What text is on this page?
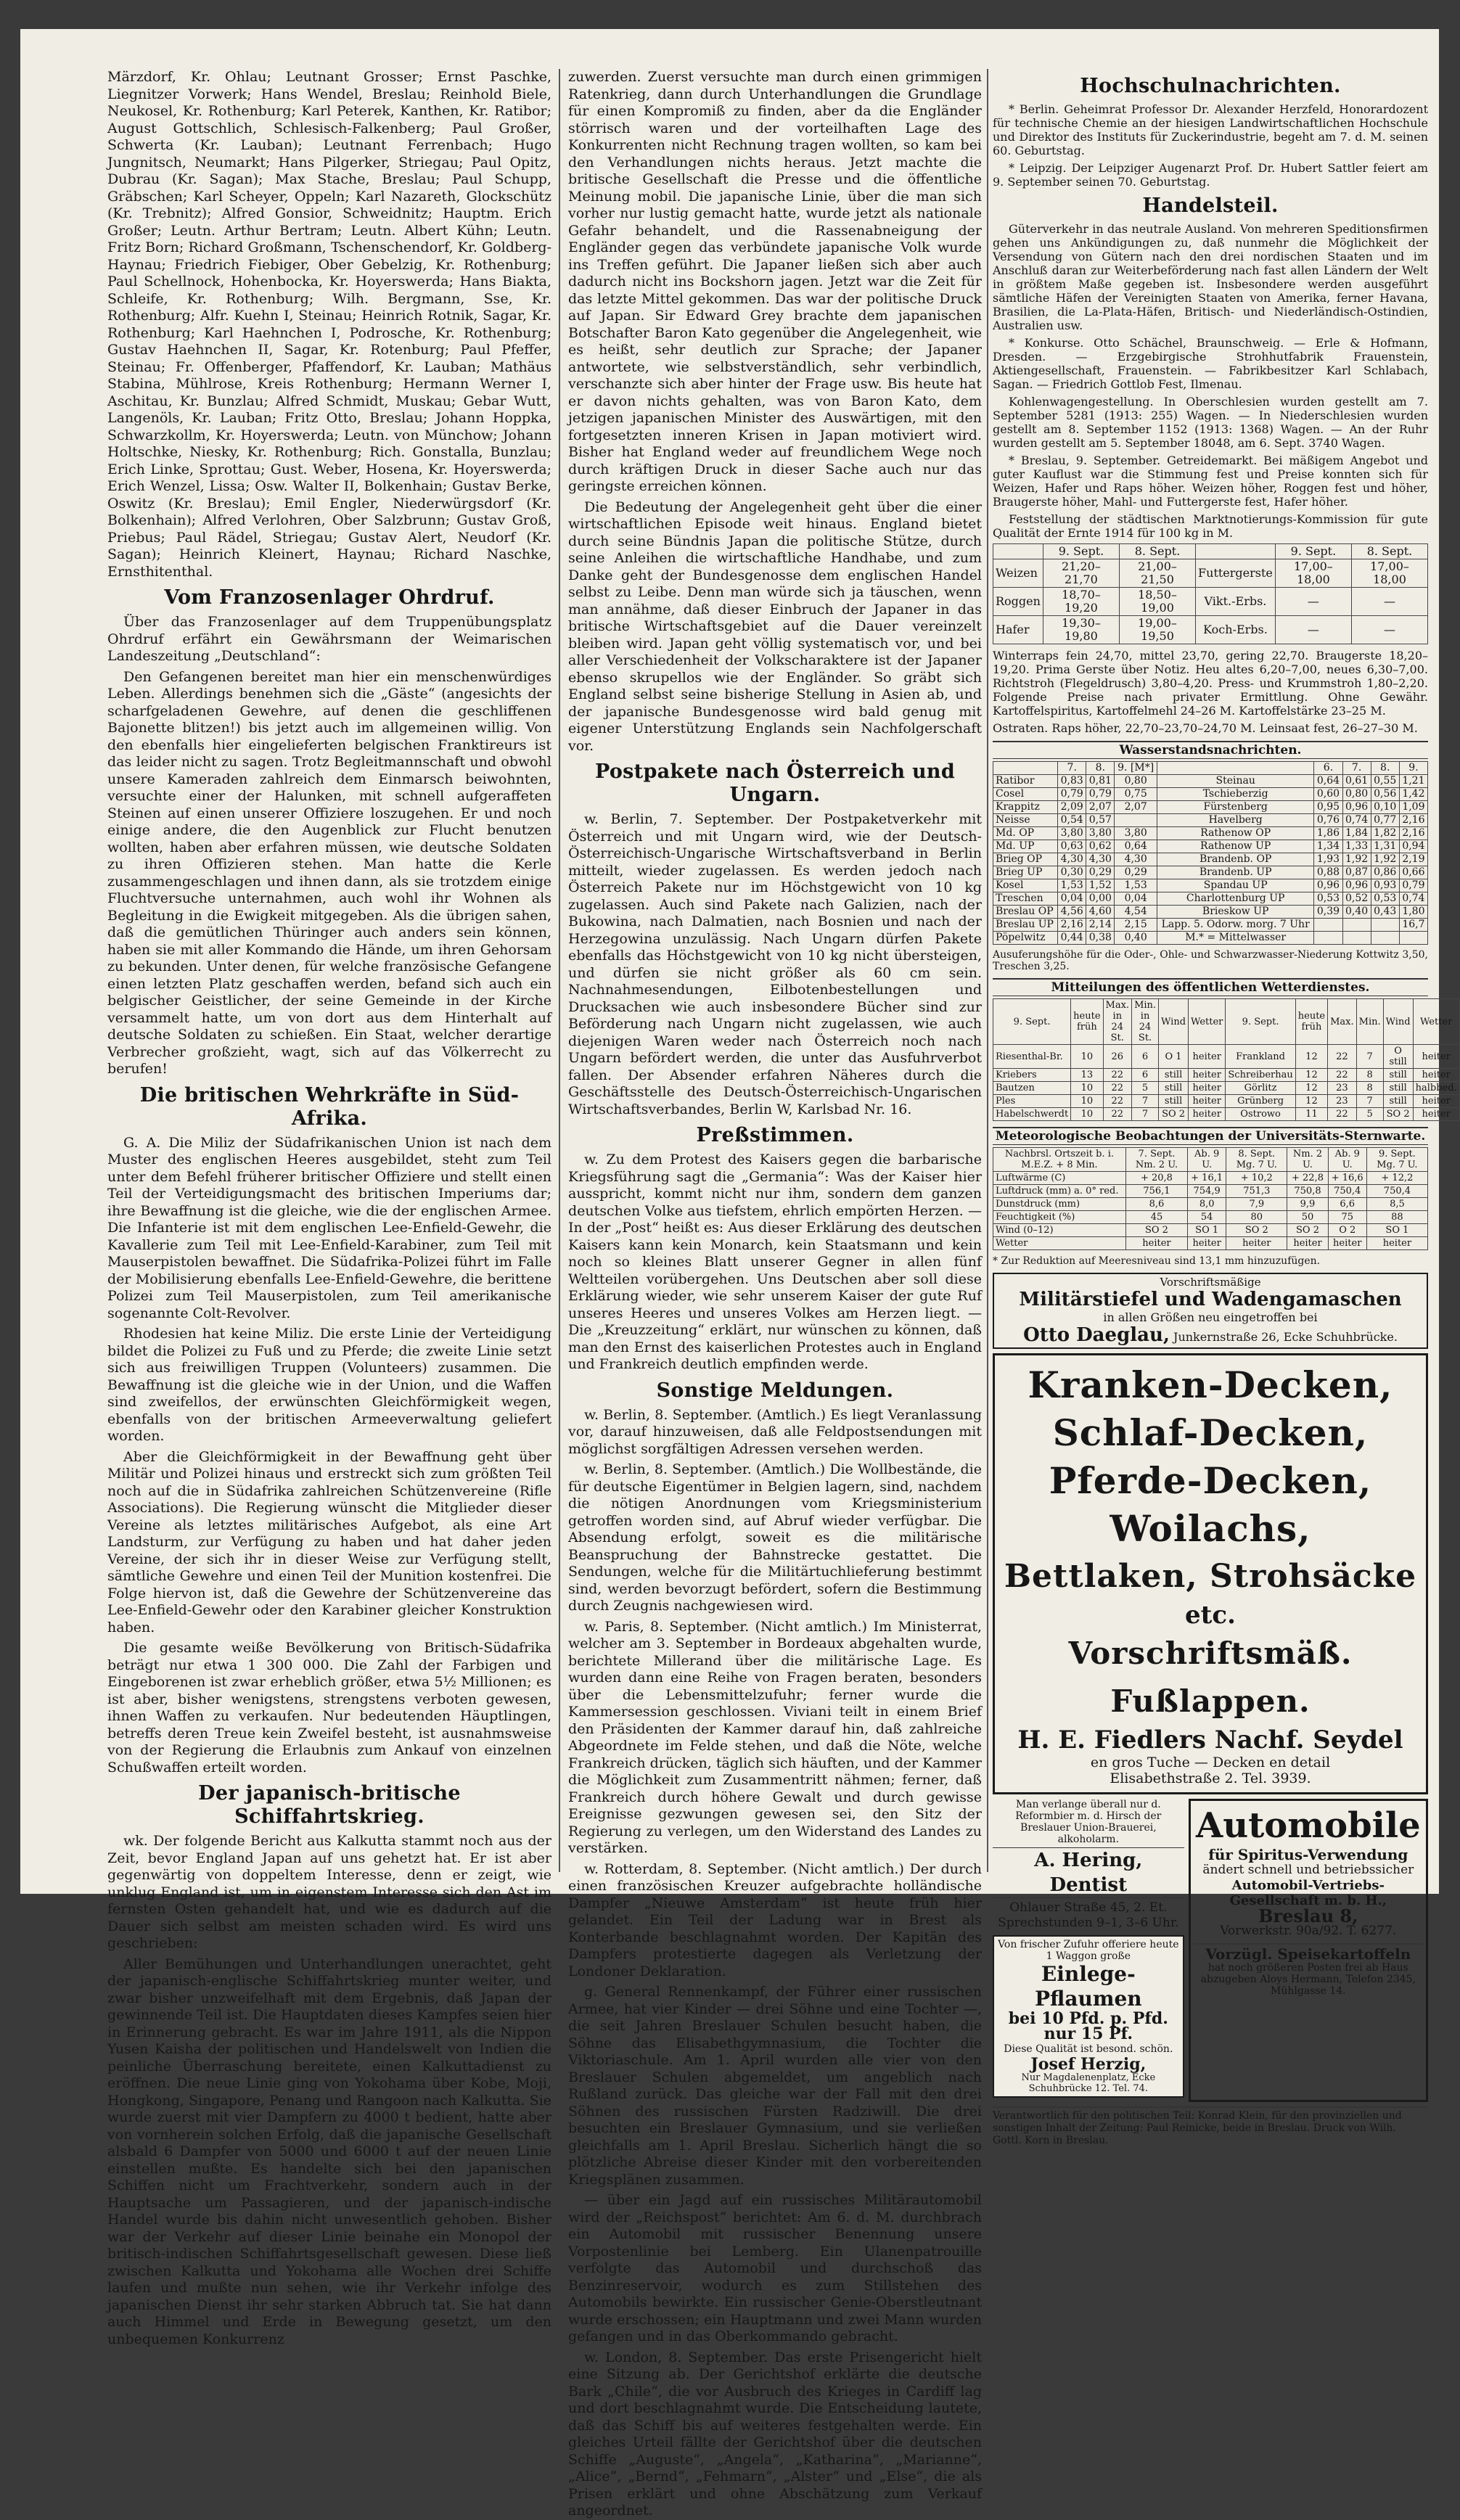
Märzdorf, Kr. Ohlau; Leutnant Grosser; Ernst Paschke, Liegnitzer Vorwerk; Hans Wendel, Breslau; Reinhold Biele, Neukosel, Kr. Rothenburg; Karl Peterek, Kanthen, Kr. Ratibor; August Gottschlich, Schlesisch-Falkenberg; Paul Großer, Schwerta (Kr. Lauban); Leutnant Ferrenbach; Hugo Jungnitsch, Neumarkt; Hans Pilgerker, Striegau; Paul Opitz, Dubrau (Kr. Sagan); Max Stache, Breslau; Paul Schupp, Gräbschen; Karl Scheyer, Oppeln; Karl Nazareth, Glockschütz (Kr. Trebnitz); Alfred Gonsior, Schweidnitz; Hauptm. Erich Großer; Leutn. Arthur Bertram; Leutn. Albert Kühn; Leutn. Fritz Born; Richard Großmann, Tschenschendorf, Kr. Goldberg-Haynau; Friedrich Fiebiger, Ober Gebelzig, Kr. Rothenburg; Paul Schellnock, Hohenbocka, Kr. Hoyerswerda; Hans Biakta, Schleife, Kr. Rothenburg; Wilh. Bergmann, Sse, Kr. Rothenburg; Alfr. Kuehn I, Steinau; Heinrich Rotnik, Sagar, Kr. Rothenburg; Karl Haehnchen I, Podrosche, Kr. Rothenburg; Gustav Haehnchen II, Sagar, Kr. Rotenburg; Paul Pfeffer, Steinau; Fr. Offenberger, Pfaffendorf, Kr. Lauban; Mathäus Stabina, Mühlrose, Kreis Rothenburg; Hermann Werner I, Aschitau, Kr. Bunzlau; Alfred Schmidt, Muskau; Gebar Wutt, Langenöls, Kr. Lauban; Fritz Otto, Breslau; Johann Hoppka, Schwarzkollm, Kr. Hoyerswerda; Leutn. von Münchow; Johann Holtschke, Niesky, Kr. Rothenburg; Rich. Gonstalla, Bunzlau; Erich Linke, Sprottau; Gust. Weber, Hosena, Kr. Hoyerswerda; Erich Wenzel, Lissa; Osw. Walter II, Bolkenhain; Gustav Berke, Oswitz (Kr. Breslau); Emil Engler, Niederwürgsdorf (Kr. Bolkenhain); Alfred Verlohren, Ober Salzbrunn; Gustav Groß, Priebus; Paul Rädel, Striegau; Gustav Alert, Neudorf (Kr. Sagan); Heinrich Kleinert, Haynau; Richard Naschke, Ernsthitenthal.

Vom Franzosenlager Ohrdruf.

Über das Franzosenlager auf dem Truppenübungsplatz Ohrdruf erfährt ein Gewährsmann der Weimarischen Landeszeitung „Deutschland“:

Den Gefangenen bereitet man hier ein menschenwürdiges Leben. Allerdings benehmen sich die „Gäste“ (angesichts der scharfgeladenen Gewehre, auf denen die geschliffenen Bajonette blitzen!) bis jetzt auch im allgemeinen willig. Von den ebenfalls hier eingelieferten belgischen Franktireurs ist das leider nicht zu sagen. Trotz Begleitmannschaft und obwohl unsere Kameraden zahlreich dem Einmarsch beiwohnten, versuchte einer der Halunken, mit schnell aufgeraffeten Steinen auf einen unserer Offiziere loszugehen. Er und noch einige andere, die den Augenblick zur Flucht benutzen wollten, haben aber erfahren müssen, wie deutsche Soldaten zu ihren Offizieren stehen. Man hatte die Kerle zusammengeschlagen und ihnen dann, als sie trotzdem einige Fluchtversuche unternahmen, auch wohl ihr Wohnen als Begleitung in die Ewigkeit mitgegeben. Als die übrigen sahen, daß die gemütlichen Thüringer auch anders sein können, haben sie mit aller Kommando die Hände, um ihren Gehorsam zu bekunden. Unter denen, für welche französische Gefangene einen letzten Platz geschaffen werden, befand sich auch ein belgischer Geistlicher, der seine Gemeinde in der Kirche versammelt hatte, um von dort aus dem Hinterhalt auf deutsche Soldaten zu schießen. Ein Staat, welcher derartige Verbrecher großzieht, wagt, sich auf das Völkerrecht zu berufen!

Die britischen Wehrkräfte in Süd-Afrika.

G. A. Die Miliz der Südafrikanischen Union ist nach dem Muster des englischen Heeres ausgebildet, steht zum Teil unter dem Befehl früherer britischer Offiziere und stellt einen Teil der Verteidigungsmacht des britischen Imperiums dar; ihre Bewaffnung ist die gleiche, wie die der englischen Armee. Die Infanterie ist mit dem englischen Lee-Enfield-Gewehr, die Kavallerie zum Teil mit Lee-Enfield-Karabiner, zum Teil mit Mauserpistolen bewaffnet. Die Südafrika-Polizei führt im Falle der Mobilisierung ebenfalls Lee-Enfield-Gewehre, die berittene Polizei zum Teil Mauserpistolen, zum Teil amerikanische sogenannte Colt-Revolver.

Rhodesien hat keine Miliz. Die erste Linie der Verteidigung bildet die Polizei zu Fuß und zu Pferde; die zweite Linie setzt sich aus freiwilligen Truppen (Volunteers) zusammen. Die Bewaffnung ist die gleiche wie in der Union, und die Waffen sind zweifellos, der erwünschten Gleichförmigkeit wegen, ebenfalls von der britischen Armeeverwaltung geliefert worden.

Aber die Gleichförmigkeit in der Bewaffnung geht über Militär und Polizei hinaus und erstreckt sich zum größten Teil noch auf die in Südafrika zahlreichen Schützenvereine (Rifle Associations). Die Regierung wünscht die Mitglieder dieser Vereine als letztes militärisches Aufgebot, als eine Art Landsturm, zur Verfügung zu haben und hat daher jeden Vereine, der sich ihr in dieser Weise zur Verfügung stellt, sämtliche Gewehre und einen Teil der Munition kostenfrei. Die Folge hiervon ist, daß die Gewehre der Schützenvereine das Lee-Enfield-Gewehr oder den Karabiner gleicher Konstruktion haben.

Die gesamte weiße Bevölkerung von Britisch-Südafrika beträgt nur etwa 1 300 000. Die Zahl der Farbigen und Eingeborenen ist zwar erheblich größer, etwa 5½ Millionen; es ist aber, bisher wenigstens, strengstens verboten gewesen, ihnen Waffen zu verkaufen. Nur bedeutenden Häuptlingen, betreffs deren Treue kein Zweifel besteht, ist ausnahmsweise von der Regierung die Erlaubnis zum Ankauf von einzelnen Schußwaffen erteilt worden.

Der japanisch-britische Schiffahrtskrieg.

wk. Der folgende Bericht aus Kalkutta stammt noch aus der Zeit, bevor England Japan auf uns gehetzt hat. Er ist aber gegenwärtig von doppeltem Interesse, denn er zeigt, wie unklug England ist, um in eigenstem Interesse sich den Ast im fernsten Osten gehandelt hat, und wie es dadurch auf die Dauer sich selbst am meisten schaden wird. Es wird uns geschrieben:

Aller Bemühungen und Unterhandlungen unerachtet, geht der japanisch-englische Schiffahrtskrieg munter weiter, und zwar bisher unzweifelhaft mit dem Ergebnis, daß Japan der gewinnende Teil ist. Die Hauptdaten dieses Kampfes seien hier in Erinnerung gebracht. Es war im Jahre 1911, als die Nippon Yusen Kaisha der politischen und Handelswelt von Indien die peinliche Überraschung bereitete, einen Kalkuttadienst zu eröffnen. Die neue Linie ging von Yokohama über Kobe, Moji, Hongkong, Singapore, Penang und Rangoon nach Kalkutta. Sie wurde zuerst mit vier Dampfern zu 4000 t bedient, hatte aber von vornherein solchen Erfolg, daß die japanische Gesellschaft alsbald 6 Dampfer von 5000 und 6000 t auf der neuen Linie einstellen mußte. Es handelte sich bei den japanischen Schiffen nicht um Frachtverkehr, sondern auch in der Hauptsache um Passagieren, und der japanisch-indische Handel wurde bis dahin nicht unwesentlich gehoben. Bisher war der Verkehr auf dieser Linie beinahe ein Monopol der britisch-indischen Schiffahrtsgesellschaft gewesen. Diese ließ zwischen Kalkutta und Yokohama alle Wochen drei Schiffe laufen und mußte nun sehen, wie ihr Verkehr infolge des japanischen Dienst ihr sehr starken Abbruch tat. Sie hat dann auch Himmel und Erde in Bewegung gesetzt, um den unbequemen Konkurrenz

zuwerden. Zuerst versuchte man durch einen grimmigen Ratenkrieg, dann durch Unterhandlungen die Grundlage für einen Kompromiß zu finden, aber da die Engländer störrisch waren und der vorteilhaften Lage des Konkurrenten nicht Rechnung tragen wollten, so kam bei den Verhandlungen nichts heraus. Jetzt machte die britische Gesellschaft die Presse und die öffentliche Meinung mobil. Die japanische Linie, über die man sich vorher nur lustig gemacht hatte, wurde jetzt als nationale Gefahr behandelt, und die Rassenabneigung der Engländer gegen das verbündete japanische Volk wurde ins Treffen geführt. Die Japaner ließen sich aber auch dadurch nicht ins Bockshorn jagen. Jetzt war die Zeit für das letzte Mittel gekommen. Das war der politische Druck auf Japan. Sir Edward Grey brachte dem japanischen Botschafter Baron Kato gegenüber die Angelegenheit, wie es heißt, sehr deutlich zur Sprache; der Japaner antwortete, wie selbstverständlich, sehr verbindlich, verschanzte sich aber hinter der Frage usw. Bis heute hat er davon nichts gehalten, was von Baron Kato, dem jetzigen japanischen Minister des Auswärtigen, mit den fortgesetzten inneren Krisen in Japan motiviert wird. Bisher hat England weder auf freundlichem Wege noch durch kräftigen Druck in dieser Sache auch nur das geringste erreichen können.

Die Bedeutung der Angelegenheit geht über die einer wirtschaftlichen Episode weit hinaus. England bietet durch seine Bündnis Japan die politische Stütze, durch seine Anleihen die wirtschaftliche Handhabe, und zum Danke geht der Bundesgenosse dem englischen Handel selbst zu Leibe. Denn man würde sich ja täuschen, wenn man annähme, daß dieser Einbruch der Japaner in das britische Wirtschaftsgebiet auf die Dauer vereinzelt bleiben wird. Japan geht völlig systematisch vor, und bei aller Verschiedenheit der Volkscharaktere ist der Japaner ebenso skrupellos wie der Engländer. So gräbt sich England selbst seine bisherige Stellung in Asien ab, und der japanische Bundesgenosse wird bald genug mit eigener Unterstützung Englands sein Nachfolgerschaft vor.

Postpakete nach Österreich und Ungarn.

w. Berlin, 7. September. Der Postpaketverkehr mit Österreich und mit Ungarn wird, wie der Deutsch-Österreichisch-Ungarische Wirtschaftsverband in Berlin mitteilt, wieder zugelassen. Es werden jedoch nach Österreich Pakete nur im Höchstgewicht von 10 kg zugelassen. Auch sind Pakete nach Galizien, nach der Bukowina, nach Dalmatien, nach Bosnien und nach der Herzegowina unzulässig. Nach Ungarn dürfen Pakete ebenfalls das Höchstgewicht von 10 kg nicht übersteigen, und dürfen sie nicht größer als 60 cm sein. Nachnahmesendungen, Eilbotenbestellungen und Drucksachen wie auch insbesondere Bücher sind zur Beförderung nach Ungarn nicht zugelassen, wie auch diejenigen Waren weder nach Österreich noch nach Ungarn befördert werden, die unter das Ausfuhrverbot fallen. Der Absender erfahren Näheres durch die Geschäftsstelle des Deutsch-Österreichisch-Ungarischen Wirtschaftsverbandes, Berlin W, Karlsbad Nr. 16.

Preßstimmen.

w. Zu dem Protest des Kaisers gegen die barbarische Kriegsführung sagt die „Germania“: Was der Kaiser hier ausspricht, kommt nicht nur ihm, sondern dem ganzen deutschen Volke aus tiefstem, ehrlich empörten Herzen. — In der „Post“ heißt es: Aus dieser Erklärung des deutschen Kaisers kann kein Monarch, kein Staatsmann und kein noch so kleines Blatt unserer Gegner in allen fünf Weltteilen vorübergehen. Uns Deutschen aber soll diese Erklärung wieder, wie sehr unserem Kaiser der gute Ruf unseres Heeres und unseres Volkes am Herzen liegt. — Die „Kreuzzeitung“ erklärt, nur wünschen zu können, daß man den Ernst des kaiserlichen Protestes auch in England und Frankreich deutlich empfinden werde.

Sonstige Meldungen.

w. Berlin, 8. September. (Amtlich.) Es liegt Veranlassung vor, darauf hinzuweisen, daß alle Feldpostsendungen mit möglichst sorgfältigen Adressen versehen werden.

w. Berlin, 8. September. (Amtlich.) Die Wollbestände, die für deutsche Eigentümer in Belgien lagern, sind, nachdem die nötigen Anordnungen vom Kriegsministerium getroffen worden sind, auf Abruf wieder verfügbar. Die Absendung erfolgt, soweit es die militärische Beanspruchung der Bahnstrecke gestattet. Die Sendungen, welche für die Militärtuchlieferung bestimmt sind, werden bevorzugt befördert, sofern die Bestimmung durch Zeugnis nachgewiesen wird.

w. Paris, 8. September. (Nicht amtlich.) Im Ministerrat, welcher am 3. September in Bordeaux abgehalten wurde, berichtete Millerand über die militärische Lage. Es wurden dann eine Reihe von Fragen beraten, besonders über die Lebensmittelzufuhr; ferner wurde die Kammersession geschlossen. Viviani teilt in einem Brief den Präsidenten der Kammer darauf hin, daß zahlreiche Abgeordnete im Felde stehen, und daß die Nöte, welche Frankreich drücken, täglich sich häuften, und der Kammer die Möglichkeit zum Zusammentritt nähmen; ferner, daß Frankreich durch höhere Gewalt und durch gewisse Ereignisse gezwungen gewesen sei, den Sitz der Regierung zu verlegen, um den Widerstand des Landes zu verstärken.

w. Rotterdam, 8. September. (Nicht amtlich.) Der durch einen französischen Kreuzer aufgebrachte holländische Dampfer „Nieuwe Amsterdam“ ist heute früh hier gelandet. Ein Teil der Ladung war in Brest als Konterbande beschlagnahmt worden. Der Kapitän des Dampfers protestierte dagegen als Verletzung der Londoner Deklaration.

g. General Rennenkampf, der Führer einer russischen Armee, hat vier Kinder — drei Söhne und eine Tochter —, die seit Jahren Breslauer Schulen besucht haben, die Söhne das Elisabethgymnasium, die Tochter die Viktoriaschule. Am 1. April wurden alle vier von den Breslauer Schulen abgemeldet, um angeblich nach Rußland zurück. Das gleiche war der Fall mit den drei Söhnen des russischen Fürsten Radziwill. Die drei besuchten ein Breslauer Gymnasium, und sie verließen gleichfalls am 1. April Breslau. Sicherlich hängt die so plötzliche Abreise dieser Kinder mit den vorbereitenden Kriegsplänen zusammen.

— über ein Jagd auf ein russisches Militärautomobil wird der „Reichspost“ berichtet: Am 6. d. M. durchbrach ein Automobil mit russischer Benennung unsere Vorpostenlinie bei Lemberg. Ein Ulanenpatrouille verfolgte das Automobil und durchschoß das Benzinreservoir, wodurch es zum Stillstehen des Automobils bewirkte. Ein russischer Genie-Oberstleutnant wurde erschossen; ein Hauptmann und zwei Mann wurden gefangen und in das Oberkommando gebracht.

w. London, 8. September. Das erste Prisengericht hielt eine Sitzung ab. Der Gerichtshof erklärte die deutsche Bark „Chile“, die vor Ausbruch des Krieges in Cardiff lag und dort beschlagnahmt wurde. Die Entscheidung lautete, daß das Schiff bis auf weiteres festgehalten werde. Ein gleiches Urteil fällte der Gerichtshof über die deutschen Schiffe „Auguste“, „Angela“, „Katharina“, „Marianne“, „Alice“, „Bernd“, „Fehmarn“, „Alster“ und „Else“, die als Prisen erklärt und ohne Abschätzung zum Verkauf angeordnet.

Hochschulnachrichten.

* Berlin. Geheimrat Professor Dr. Alexander Herzfeld, Honorardozent für technische Chemie an der hiesigen Landwirtschaftlichen Hochschule und Direktor des Instituts für Zuckerindustrie, begeht am 7. d. M. seinen 60. Geburtstag.

* Leipzig. Der Leipziger Augenarzt Prof. Dr. Hubert Sattler feiert am 9. September seinen 70. Geburtstag.

Handelsteil.

Güterverkehr in das neutrale Ausland. Von mehreren Speditionsfirmen gehen uns Ankündigungen zu, daß nunmehr die Möglichkeit der Versendung von Gütern nach den drei nordischen Staaten und im Anschluß daran zur Weiterbeförderung nach fast allen Ländern der Welt in größtem Maße gegeben ist. Insbesondere werden ausgeführt sämtliche Häfen der Vereinigten Staaten von Amerika, ferner Havana, Brasilien, die La-Plata-Häfen, Britisch- und Niederländisch-Ostindien, Australien usw.

* Konkurse. Otto Schächel, Braunschweig. — Erle & Hofmann, Dresden. — Erzgebirgische Strohhutfabrik Frauenstein, Aktiengesellschaft, Frauenstein. — Fabrikbesitzer Karl Schlabach, Sagan. — Friedrich Gottlob Fest, Ilmenau.

Kohlenwagengestellung. In Oberschlesien wurden gestellt am 7. September 5281 (1913: 255) Wagen. — In Niederschlesien wurden gestellt am 8. September 1152 (1913: 1368) Wagen. — An der Ruhr wurden gestellt am 5. September 18048, am 6. Sept. 3740 Wagen.

* Breslau, 9. September. Getreidemarkt. Bei mäßigem Angebot und guter Kauflust war die Stimmung fest und Preise konnten sich für Weizen, Hafer und Raps höher. Weizen höher, Roggen fest und höher, Braugerste höher, Mahl- und Futtergerste fest, Hafer höher.

Feststellung der städtischen Marktnotierungs-Kommission für gute Qualität der Ernte 1914 für 100 kg in M.

	9. Sept.	8. Sept.		9. Sept.	8. Sept.
Weizen	21,20–21,70	21,00–21,50	Futtergerste	17,00–18,00	17,00–18,00
Roggen	18,70–19,20	18,50–19,00	Vikt.-Erbs.	—	—
Hafer	19,30–19,80	19,00–19,50	Koch-Erbs.	—	—

Winterraps fein 24,70, mittel 23,70, gering 22,70. Braugerste 18,20–19,20. Prima Gerste über Notiz. Heu altes 6,20–7,00, neues 6,30–7,00. Richtstroh (Flegeldrusch) 3,80–4,20. Press- und Krummstroh 1,80–2,20. Folgende Preise nach privater Ermittlung. Ohne Gewähr. Kartoffelspiritus, Kartoffelmehl 24–26 M. Kartoffelstärke 23–25 M.

Ostraten. Raps höher, 22,70–23,70–24,70 M. Leinsaat fest, 26–27–30 M.

Wasserstandsnachrichten.
	7.	8.	9. [M*]		6.	7.	8.	9.
Ratibor	0,83	0,81	0,80	Steinau	0,64	0,61	0,55	1,21
Cosel	0,79	0,79	0,75	Tschieberzig	0,60	0,80	0,56	1,42
Krappitz	2,09	2,07	2,07	Fürstenberg	0,95	0,96	0,10	1,09
Neisse	0,54	0,57		Havelberg	0,76	0,74	0,77	2,16
Md. OP	3,80	3,80	3,80	Rathenow OP	1,86	1,84	1,82	2,16
Md. UP	0,63	0,62	0,64	Rathenow UP	1,34	1,33	1,31	0,94
Brieg OP	4,30	4,30	4,30	Brandenb. OP	1,93	1,92	1,92	2,19
Brieg UP	0,30	0,29	0,29	Brandenb. UP	0,88	0,87	0,86	0,66
Kosel	1,53	1,52	1,53	Spandau UP	0,96	0,96	0,93	0,79
Treschen	0,04	0,00	0,04	Charlottenburg UP	0,53	0,52	0,53	0,74
Breslau OP	4,56	4,60	4,54	Brieskow UP	0,39	0,40	0,43	1,80
Breslau UP	2,16	2,14	2,15	Lapp. 5. Odorw. morg. 7 Uhr				16,7
Pöpelwitz	0,44	0,38	0,40	M.* = Mittelwasser				

Ausuferungshöhe für die Oder-, Ohle- und Schwarzwasser-Niederung Kottwitz 3,50, Treschen 3,25.

Mitteilungen des öffentlichen Wetterdienstes.
9. Sept.	heute früh	Max. in 24 St.	Min. in 24 St.	Wind	Wetter	9. Sept.	heute früh	Max.	Min.	Wind	Wetter
Riesenthal-Br.	10	26	6	O 1	heiter	Frankland	12	22	7	O still	heiter
Kriebers	13	22	6	still	heiter	Schreiberhau	12	22	8	still	heiter
Bautzen	10	22	5	still	heiter	Görlitz	12	23	8	still	halbbed.
Ples	10	22	7	still	heiter	Grünberg	12	23	7	still	heiter
Habelschwerdt	10	22	7	SO 2	heiter	Ostrowo	11	22	5	SO 2	heiter
Meteorologische Beobachtungen der Universitäts-Sternwarte.
Nachbrsl. Ortszeit b. i. M.E.Z. + 8 Min.	7. Sept. Nm. 2 U.	Ab. 9 U.	8. Sept. Mg. 7 U.	Nm. 2 U.	Ab. 9 U.	9. Sept. Mg. 7 U.
Luftwärme (C)	+ 20,8	+ 16,1	+ 10,2	+ 22,8	+ 16,6	+ 12,2
Luftdruck (mm) a. 0° red.	756,1	754,9	751,3	750,8	750,4	750,4
Dunstdruck (mm)	8,6	8,0	7,9	9,9	6,6	8,5
Feuchtigkeit (%)	45	54	80	50	75	88
Wind (0–12)	SO 2	SO 1	SO 2	SO 2	O 2	SO 1
Wetter	heiter	heiter	heiter	heiter	heiter	heiter

* Zur Reduktion auf Meeresniveau sind 13,1 mm hinzuzufügen.

Vorschriftsmäßige
Militärstiefel und Wadengamaschen
in allen Größen neu eingetroffen bei
Otto Daeglau, Junkernstraße 26, Ecke Schuhbrücke.
Kranken-Decken,
Schlaf-Decken,
Pferde-Decken,
Woilachs,
Bettlaken, Strohsäcke
etc.
Vorschriftsmäß. Fußlappen.
H. E. Fiedlers Nachf. Seydel
en gros Tuche — Decken en detail
Elisabethstraße 2. Tel. 3939.
Man verlange überall nur d. Reformbier m. d. Hirsch der Breslauer Union-Brauerei, alkoholarm.
A. Hering, Dentist
Ohlauer Straße 45, 2. Et.
Sprechstunden 9–1, 3–6 Uhr.
Von frischer Zufuhr offeriere heute 1 Waggon große
Einlege-Pflaumen
bei 10 Pfd. p. Pfd. nur 15 Pf.
Diese Qualität ist besond. schön.
Josef Herzig,
Nur Magdalenenplatz, Ecke Schuhbrücke 12. Tel. 74.
Automobile
für Spiritus-Verwendung
ändert schnell und betriebssicher
Automobil-Vertriebs-Gesellschaft m. b. H.,
Breslau 8,
Vorwerkstr. 90a/92. T. 6277.
Vorzügl. Speisekartoffeln
hat noch größeren Posten frei ab Haus abzugeben Aloys Hermann, Telefon 2345, Mühlgasse 14.
Verantwortlich für den politischen Teil: Konrad Klein, für den provinziellen und sonstigen Inhalt der Zeitung: Paul Reinicke, beide in Breslau. Druck von Wilh. Gottl. Korn in Breslau.
